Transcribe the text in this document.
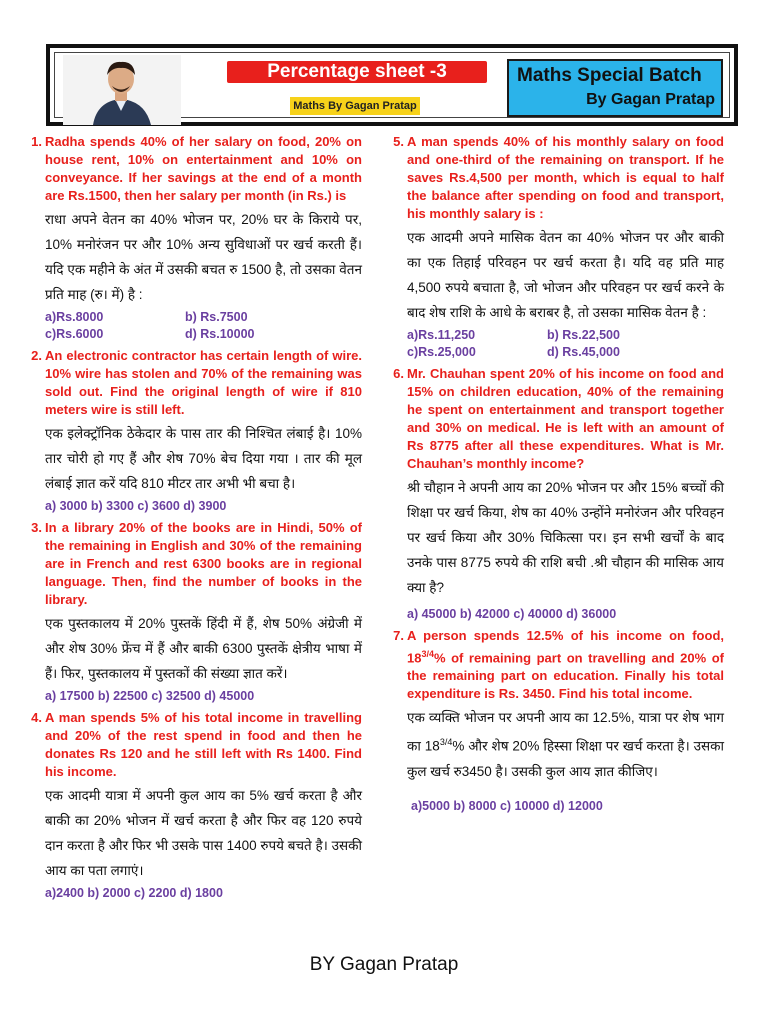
Percentage sheet -3
Maths By Gagan Pratap
Maths Special Batch
By Gagan Pratap
1. Radha spends 40% of her salary on food, 20% on house rent, 10% on entertainment and 10% on conveyance. If her savings at the end of a month are Rs.1500, then her salary per month (in Rs.) is
राधा अपने वेतन का 40% भोजन पर, 20% घर के किराये पर, 10% मनोरंजन पर और 10% अन्य सुविधाओं पर खर्च करती हैं। यदि एक महीने के अंत में उसकी बचत रु 1500 है, तो उसका वेतन प्रति माह (रु। में) है :
a)Rs.8000	b) Rs.7500
c)Rs.6000	d) Rs.10000
2. An electronic contractor has certain length of wire. 10% wire has stolen and 70% of the remaining was sold out. Find the original length of wire if 810 meters wire is still left.
एक इलेक्ट्रॉनिक ठेकेदार के पास तार की निश्चित लंबाई है। 10% तार चोरी हो गए हैं और शेष 70% बेच दिया गया । तार की मूल लंबाई ज्ञात करें यदि 810 मीटर तार अभी भी बचा है।
a) 3000 b) 3300 c) 3600 d) 3900
3. In a library 20% of the books are in Hindi, 50% of the remaining in English and 30% of the remaining are in French and rest 6300 books are in regional language. Then, find the number of books in the library.
एक पुस्तकालय में 20% पुस्तकें हिंदी में हैं, शेष 50% अंग्रेजी में और शेष 30% फ्रेंच में हैं और बाकी 6300 पुस्तकें क्षेत्रीय भाषा में हैं। फिर, पुस्तकालय में पुस्तकों की संख्या ज्ञात करें।
a) 17500 b) 22500 c) 32500 d) 45000
4. A man spends 5% of his total income in travelling and 20% of the rest spend in food and then he donates Rs 120 and he still left with Rs 1400. Find his income.
एक आदमी यात्रा में अपनी कुल आय का 5% खर्च करता है और बाकी का 20% भोजन में खर्च करता है और फिर वह 120 रुपये दान करता है और फिर भी उसके पास 1400 रुपये बचते है। उसकी आय का पता लगाएं।
a)2400 b) 2000 c) 2200 d) 1800
5. A man spends 40% of his monthly salary on food and one-third of the remaining on transport. If he saves Rs.4,500 per month, which is equal to half the balance after spending on food and transport, his monthly salary is :
एक आदमी अपने मासिक वेतन का 40% भोजन पर और बाकी का एक तिहाई परिवहन पर खर्च करता है। यदि वह प्रति माह 4,500 रुपये बचाता है, जो भोजन और परिवहन पर खर्च करने के बाद शेष राशि के आधे के बराबर है, तो उसका मासिक वेतन है :
a)Rs.11,250	b) Rs.22,500
c)Rs.25,000	d) Rs.45,000
6. Mr. Chauhan spent 20% of his income on food and 15% on children education, 40% of the remaining he spent on entertainment and transport together and 30% on medical. He is left with an amount of Rs 8775 after all these expenditures. What is Mr. Chauhan’s monthly income?
श्री चौहान ने अपनी आय का 20% भोजन पर और 15% बच्चों की शिक्षा पर खर्च किया, शेष का 40% उन्होंने मनोरंजन और परिवहन पर खर्च किया और 30% चिकित्सा पर। इन सभी खर्चों के बाद उनके पास 8775 रुपये की राशि बची .श्री चौहान की मासिक आय क्या है?
a) 45000 b) 42000 c) 40000 d) 36000
7. A person spends 12.5% of his income on food, $18^{3/4}\%$ of remaining part on travelling and 20% of the remaining part on education. Finally his total expenditure is Rs. 3450. Find his total income.
एक व्यक्ति भोजन पर अपनी आय का 12.5%, यात्रा पर शेष भाग का $18^{3/4}\%$ और शेष 20% हिस्सा शिक्षा पर खर्च करता है। उसका कुल खर्च रु3450 है। उसकी कुल आय ज्ञात कीजिए।
a)5000 b) 8000 c) 10000 d) 12000
BY Gagan Pratap
